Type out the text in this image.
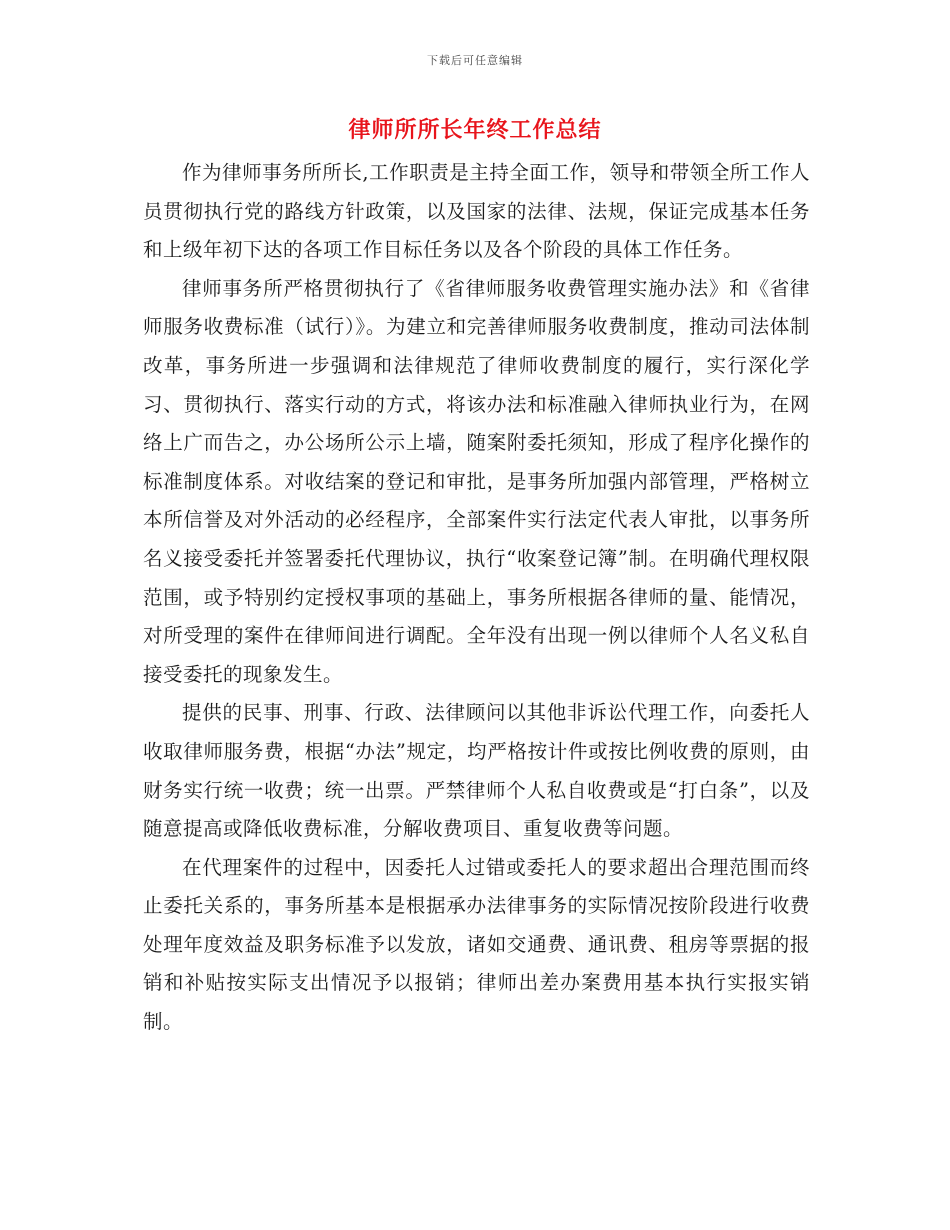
下载后可任意编辑
律师所所长年终工作总结

作为律师事务所所长,工作职责是主持全面工作，领导和带领全所工作人员贯彻执行党的路线方针政策，以及国家的法律、法规，保证完成基本任务和上级年初下达的各项工作目标任务以及各个阶段的具体工作任务。

律师事务所严格贯彻执行了《省律师服务收费管理实施办法》和《省律师服务收费标准（试行）》。为建立和完善律师服务收费制度，推动司法体制改革，事务所进一步强调和法律规范了律师收费制度的履行，实行深化学习、贯彻执行、落实行动的方式，将该办法和标准融入律师执业行为，在网络上广而告之，办公场所公示上墙，随案附委托须知，形成了程序化操作的标准制度体系。对收结案的登记和审批，是事务所加强内部管理，严格树立本所信誉及对外活动的必经程序，全部案件实行法定代表人审批，以事务所名义接受委托并签署委托代理协议，执行“收案登记簿”制。在明确代理权限范围，或予特别约定授权事项的基础上，事务所根据各律师的量、能情况，对所受理的案件在律师间进行调配。全年没有出现一例以律师个人名义私自接受委托的现象发生。

提供的民事、刑事、行政、法律顾问以其他非诉讼代理工作，向委托人收取律师服务费，根据“办法”规定，均严格按计件或按比例收费的原则，由财务实行统一收费；统一出票。严禁律师个人私自收费或是“打白条”，以及随意提高或降低收费标准，分解收费项目、重复收费等问题。

在代理案件的过程中，因委托人过错或委托人的要求超出合理范围而终止委托关系的，事务所基本是根据承办法律事务的实际情况按阶段进行收费处理年度效益及职务标准予以发放，诸如交通费、通讯费、租房等票据的报销和补贴按实际支出情况予以报销；律师出差办案费用基本执行实报实销制。
